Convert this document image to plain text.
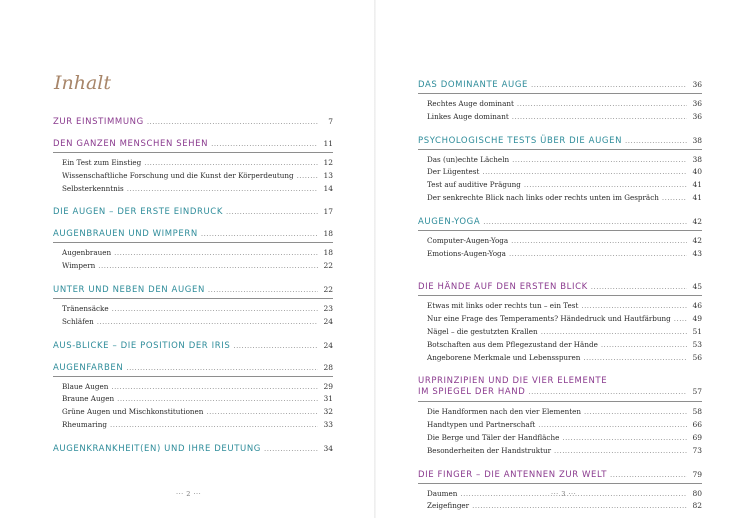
Inhalt
ZUR EINSTIMMUNG .....	7
DEN GANZEN MENSCHEN SEHEN .....	11
Ein Test zum Einstieg .....	12
Wissenschaftliche Forschung und die Kunst der Körperdeutung .....	13
Selbsterkenntnis .....	14
DIE AUGEN – DER ERSTE EINDRUCK .....	17
AUGENBRAUEN UND WIMPERN .....	18
Augenbrauen .....	18
Wimpern .....	22
UNTER UND NEBEN DEN AUGEN .....	22
Tränensäcke .....	23
Schläfen .....	24
AUS-BLICKE – DIE POSITION DER IRIS .....	24
AUGENFARBEN .....	28
Blaue Augen .....	29
Braune Augen .....	31
Grüne Augen und Mischkonstitutionen .....	32
Rheumaring .....	33
AUGENKRANKHEIT(EN) UND IHRE DEUTUNG .....	34
··· 2 ···
DAS DOMINANTE AUGE .....	36
Rechtes Auge dominant .....	36
Linkes Auge dominant .....	36
PSYCHOLOGISCHE TESTS ÜBER DIE AUGEN .....	38
Das (un)echte Lächeln .....	38
Der Lügentest .....	40
Test auf auditive Prägung .....	41
Der senkrechte Blick nach links oder rechts unten im Gespräch .....	41
AUGEN-YOGA .....	42
Computer-Augen-Yoga .....	42
Emotions-Augen-Yoga .....	43
DIE HÄNDE AUF DEN ERSTEN BLICK .....	45
Etwas mit links oder rechts tun – ein Test .....	46
Nur eine Frage des Temperaments? Händedruck und Hautfärbung .....	49
Nägel – die gestutzten Krallen .....	51
Botschaften aus dem Pflegezustand der Hände .....	53
Angeborene Merkmale und Lebensspuren .....	56
URPRINZIPIEN UND DIE VIER ELEMENTE
IM SPIEGEL DER HAND .....	57
Die Handformen nach den vier Elementen .....	58
Handtypen und Partnerschaft .....	66
Die Berge und Täler der Handfläche .....	69
Besonderheiten der Handstruktur .....	73
DIE FINGER – DIE ANTENNEN ZUR WELT .....	79
Daumen .....	80
Zeigefinger .....	82
··· 3 ···
